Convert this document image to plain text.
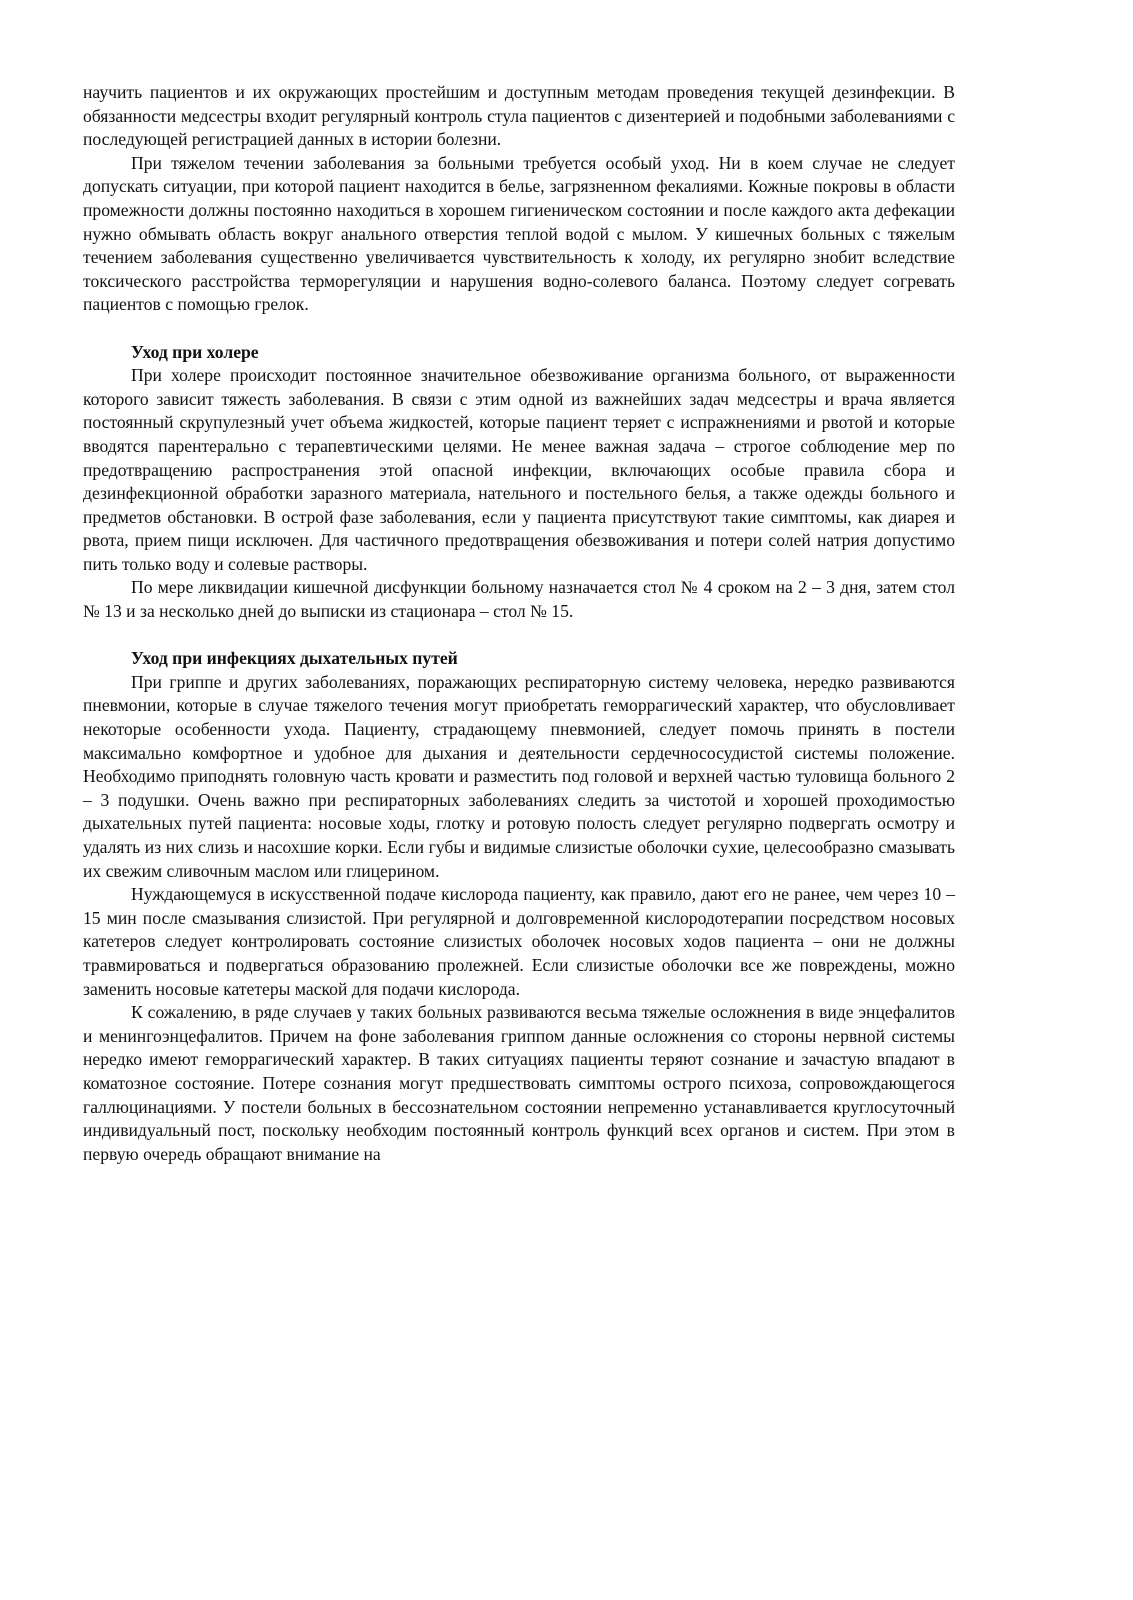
научить пациентов и их окружающих простейшим и доступным методам проведения текущей дезинфекции. В обязанности медсестры входит регулярный контроль стула пациентов с дизентерией и подобными заболеваниями с последующей регистрацией данных в истории болезни.

При тяжелом течении заболевания за больными требуется особый уход. Ни в коем случае не следует допускать ситуации, при которой пациент находится в белье, загрязненном фекалиями. Кожные покровы в области промежности должны постоянно находиться в хорошем гигиеническом состоянии и после каждого акта дефекации нужно обмывать область вокруг анального отверстия теплой водой с мылом. У кишечных больных с тяжелым течением заболевания существенно увеличивается чувствительность к холоду, их регулярно знобит вследствие токсического расстройства терморегуляции и нарушения водно-солевого баланса. Поэтому следует согревать пациентов с помощью грелок.

Уход при холере

При холере происходит постоянное значительное обезвоживание организма больного, от выраженности которого зависит тяжесть заболевания. В связи с этим одной из важнейших задач медсестры и врача является постоянный скрупулезный учет объема жидкостей, которые пациент теряет с испражнениями и рвотой и которые вводятся парентерально с терапевтическими целями. Не менее важная задача – строгое соблюдение мер по предотвращению распространения этой опасной инфекции, включающих особые правила сбора и дезинфекционной обработки заразного материала, нательного и постельного белья, а также одежды больного и предметов обстановки. В острой фазе заболевания, если у пациента присутствуют такие симптомы, как диарея и рвота, прием пищи исключен. Для частичного предотвращения обезвоживания и потери солей натрия допустимо пить только воду и солевые растворы.

По мере ликвидации кишечной дисфункции больному назначается стол № 4 сроком на 2 – 3 дня, затем стол № 13 и за несколько дней до выписки из стационара – стол № 15.

Уход при инфекциях дыхательных путей

При гриппе и других заболеваниях, поражающих респираторную систему человека, нередко развиваются пневмонии, которые в случае тяжелого течения могут приобретать геморрагический характер, что обусловливает некоторые особенности ухода. Пациенту, страдающему пневмонией, следует помочь принять в постели максимально комфортное и удобное для дыхания и деятельности сердечнососудистой системы положение. Необходимо приподнять головную часть кровати и разместить под головой и верхней частью туловища больного 2 – 3 подушки. Очень важно при респираторных заболеваниях следить за чистотой и хорошей проходимостью дыхательных путей пациента: носовые ходы, глотку и ротовую полость следует регулярно подвергать осмотру и удалять из них слизь и насохшие корки. Если губы и видимые слизистые оболочки сухие, целесообразно смазывать их свежим сливочным маслом или глицерином.

Нуждающемуся в искусственной подаче кислорода пациенту, как правило, дают его не ранее, чем через 10 – 15 мин после смазывания слизистой. При регулярной и долговременной кислородотерапии посредством носовых катетеров следует контролировать состояние слизистых оболочек носовых ходов пациента – они не должны травмироваться и подвергаться образованию пролежней. Если слизистые оболочки все же повреждены, можно заменить носовые катетеры маской для подачи кислорода.

К сожалению, в ряде случаев у таких больных развиваются весьма тяжелые осложнения в виде энцефалитов и менингоэнцефалитов. Причем на фоне заболевания гриппом данные осложнения со стороны нервной системы нередко имеют геморрагический характер. В таких ситуациях пациенты теряют сознание и зачастую впадают в коматозное состояние. Потере сознания могут предшествовать симптомы острого психоза, сопровождающегося галлюцинациями. У постели больных в бессознательном состоянии непременно устанавливается круглосуточный индивидуальный пост, поскольку необходим постоянный контроль функций всех органов и систем. При этом в первую очередь обращают внимание на
